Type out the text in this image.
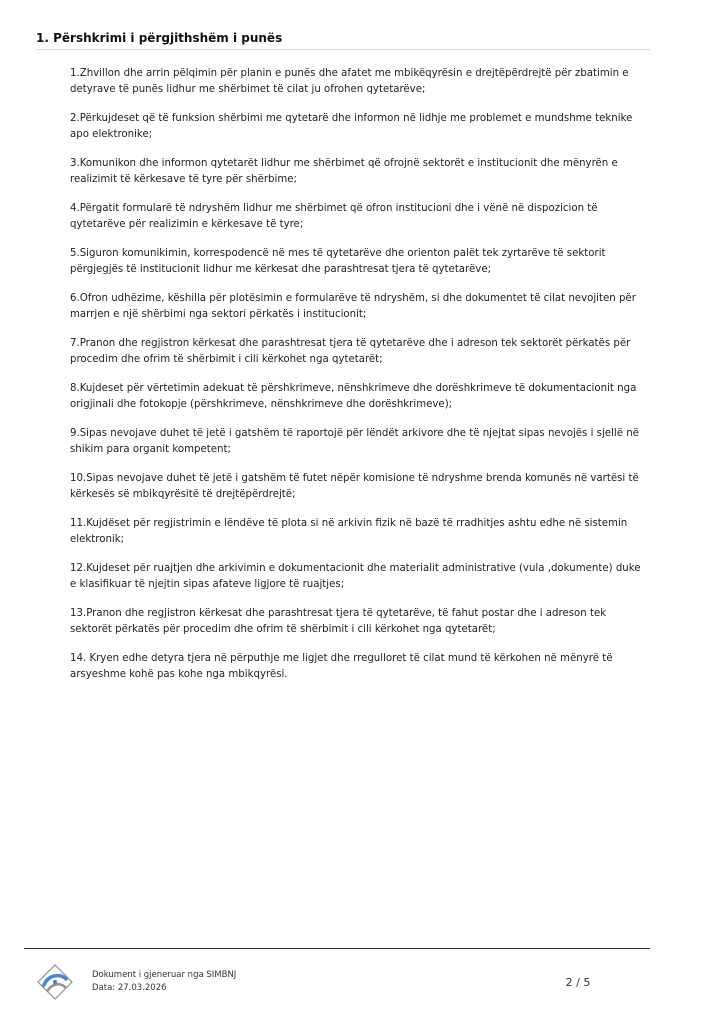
1. Përshkrimi i përgjithshëm i punës
1.Zhvillon dhe arrin pëlqimin për planin e punës dhe afatet me mbikëqyrësin e drejtëpërdrejtë për zbatimin e detyrave të punës lidhur me shërbimet të cilat ju ofrohen qytetarëve;
2.Përkujdeset që të funksion shërbimi me qytetarë dhe informon në lidhje me problemet e mundshme teknike apo elektronike;
3.Komunikon dhe informon qytetarët lidhur me shërbimet që ofrojnë sektorët e institucionit dhe mënyrën e realizimit të kërkesave të tyre për shërbime;
4.Përgatit formularë të ndryshëm lidhur me shërbimet që ofron institucioni dhe i vënë në dispozicion të qytetarëve për realizimin e kërkesave të tyre;
5.Siguron komunikimin, korrespodencë në mes të qytetarëve dhe orienton palët tek zyrtarëve të sektorit përgjegjës të institucionit lidhur me kërkesat dhe parashtresat tjera të qytetarëve;
6.Ofron udhëzime, këshilla për plotësimin e formularëve të ndryshëm, si dhe dokumentet të cilat nevojiten për marrjen e një shërbimi nga sektori përkatës i institucionit;
7.Pranon dhe regjistron kërkesat dhe parashtresat tjera të qytetarëve dhe i adreson tek sektorët përkatës për procedim dhe ofrim të shërbimit i cili kërkohet nga qytetarët;
8.Kujdeset për vërtetimin adekuat të përshkrimeve, nënshkrimeve dhe dorëshkrimeve të dokumentacionit nga origjinali dhe fotokopje (përshkrimeve, nënshkrimeve dhe dorëshkrimeve);
9.Sipas nevojave duhet të jetë i gatshëm të raportojë për lëndët arkivore dhe të njejtat sipas nevojës i sjellë në shikim para organit kompetent;
10.Sipas nevojave duhet të jetë i gatshëm të futet nëpër komisione të ndryshme brenda komunës në vartësi të kërkesës së mbikqyrësitë të drejtëpërdrejtë;
11.Kujdëset për regjistrimin e lëndëve të plota si në arkivin fizik në bazë të rradhitjes ashtu edhe në sistemin elektronik;
12.Kujdeset për ruajtjen dhe arkivimin e dokumentacionit dhe materialit administrative (vula ,dokumente) duke e klasifikuar të njejtin sipas afateve ligjore të ruajtjes;
13.Pranon dhe regjistron kërkesat dhe parashtresat tjera të qytetarëve, të fahut postar dhe i adreson tek sektorët përkatës për procedim dhe ofrim të shërbimit i cili kërkohet nga qytetarët;
14. Kryen edhe detyra tjera në përputhje me ligjet dhe rregulloret të cilat mund të kërkohen në mënyrë të arsyeshme kohë pas kohe nga mbikqyrësi.
Dokument i gjeneruar nga SIMBNJ
Data: 27.03.2026	2 / 5
